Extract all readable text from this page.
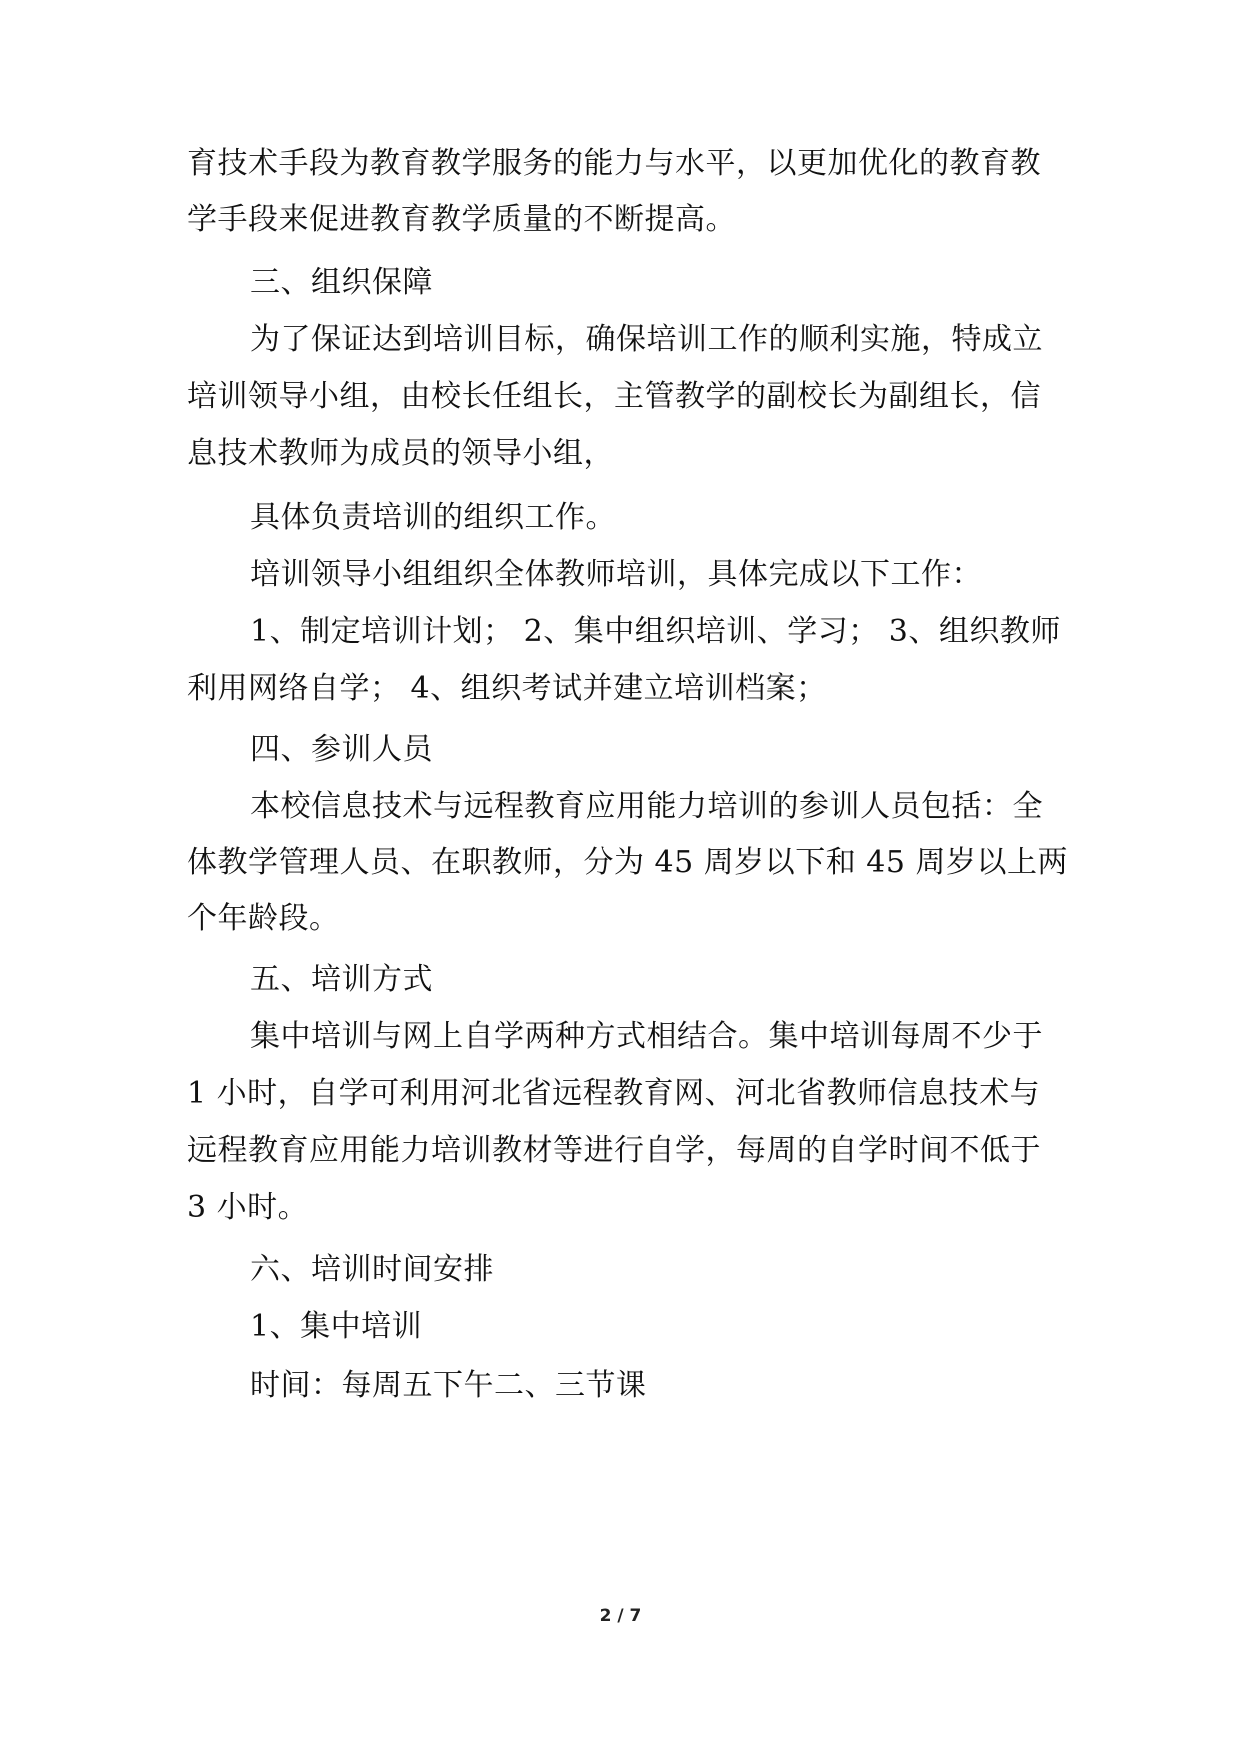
育技术手段为教育教学服务的能力与水平，以更加优化的教育教
学手段来促进教育教学质量的不断提高。
三、组织保障
为了保证达到培训目标，确保培训工作的顺利实施，特成立
培训领导小组，由校长任组长，主管教学的副校长为副组长，信
息技术教师为成员的领导小组，
具体负责培训的组织工作。
培训领导小组组织全体教师培训，具体完成以下工作：
1、制定培训计划； 2、集中组织培训、学习； 3、组织教师
利用网络自学； 4、组织考试并建立培训档案；
四、参训人员
本校信息技术与远程教育应用能力培训的参训人员包括：全
体教学管理人员、在职教师，分为 45 周岁以下和 45 周岁以上两
个年龄段。
五、培训方式
集中培训与网上自学两种方式相结合。集中培训每周不少于
1 小时，自学可利用河北省远程教育网、河北省教师信息技术与
远程教育应用能力培训教材等进行自学，每周的自学时间不低于
3 小时。
六、培训时间安排
1、集中培训
时间：每周五下午二、三节课
2 / 7
